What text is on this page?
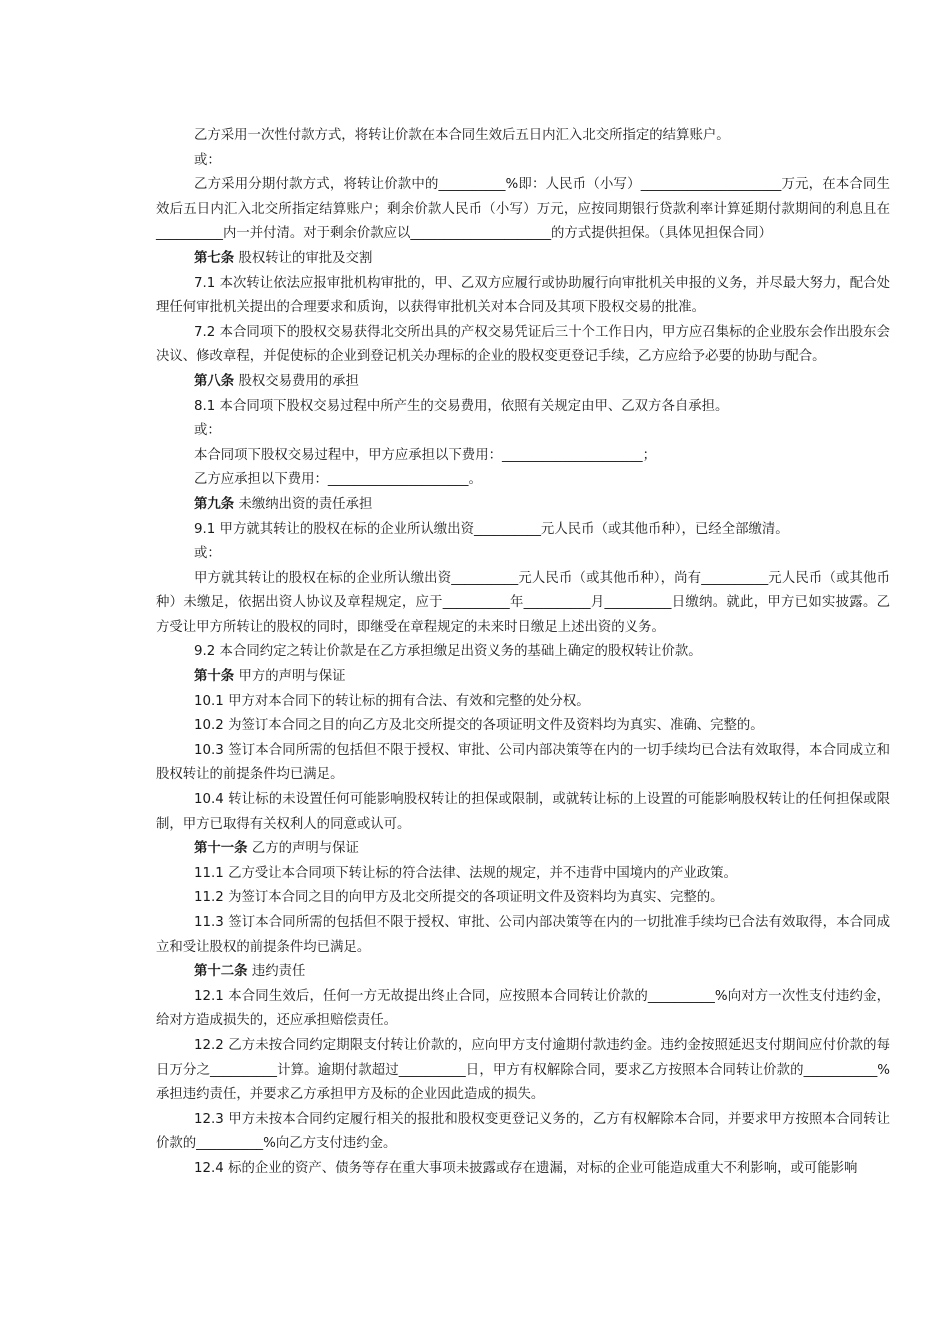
乙方采用一次性付款方式，将转让价款在本合同生效后五日内汇入北交所指定的结算账户。

或：

乙方采用分期付款方式，将转让价款中的__________%即：人民币（小写）_____________________万元，在本合同生效后五日内汇入北交所指定结算账户；剩余价款人民币（小写）万元，应按同期银行贷款利率计算延期付款期间的利息且在__________内一并付清。对于剩余价款应以_____________________的方式提供担保。（具体见担保合同）

第七条 股权转让的审批及交割

7.1 本次转让依法应报审批机构审批的，甲、乙双方应履行或协助履行向审批机关申报的义务，并尽最大努力，配合处理任何审批机关提出的合理要求和质询，以获得审批机关对本合同及其项下股权交易的批准。

7.2 本合同项下的股权交易获得北交所出具的产权交易凭证后三十个工作日内，甲方应召集标的企业股东会作出股东会决议、修改章程，并促使标的企业到登记机关办理标的企业的股权变更登记手续，乙方应给予必要的协助与配合。

第八条 股权交易费用的承担

8.1 本合同项下股权交易过程中所产生的交易费用，依照有关规定由甲、乙双方各自承担。

或：

本合同项下股权交易过程中，甲方应承担以下费用：_____________________；

乙方应承担以下费用：_____________________。

第九条 未缴纳出资的责任承担

9.1 甲方就其转让的股权在标的企业所认缴出资__________元人民币（或其他币种），已经全部缴清。

或：

甲方就其转让的股权在标的企业所认缴出资__________元人民币（或其他币种），尚有__________元人民币（或其他币种）未缴足，依据出资人协议及章程规定，应于__________年__________月__________日缴纳。就此，甲方已如实披露。乙方受让甲方所转让的股权的同时，即继受在章程规定的未来时日缴足上述出资的义务。

9.2 本合同约定之转让价款是在乙方承担缴足出资义务的基础上确定的股权转让价款。

第十条 甲方的声明与保证

10.1 甲方对本合同下的转让标的拥有合法、有效和完整的处分权。

10.2 为签订本合同之目的向乙方及北交所提交的各项证明文件及资料均为真实、准确、完整的。

10.3 签订本合同所需的包括但不限于授权、审批、公司内部决策等在内的一切手续均已合法有效取得，本合同成立和股权转让的前提条件均已满足。

10.4 转让标的未设置任何可能影响股权转让的担保或限制，或就转让标的上设置的可能影响股权转让的任何担保或限制，甲方已取得有关权利人的同意或认可。

第十一条 乙方的声明与保证

11.1 乙方受让本合同项下转让标的符合法律、法规的规定，并不违背中国境内的产业政策。

11.2 为签订本合同之目的向甲方及北交所提交的各项证明文件及资料均为真实、完整的。

11.3 签订本合同所需的包括但不限于授权、审批、公司内部决策等在内的一切批准手续均已合法有效取得，本合同成立和受让股权的前提条件均已满足。

第十二条 违约责任

12.1 本合同生效后，任何一方无故提出终止合同，应按照本合同转让价款的__________%向对方一次性支付违约金，给对方造成损失的，还应承担赔偿责任。

12.2 乙方未按合同约定期限支付转让价款的，应向甲方支付逾期付款违约金。违约金按照延迟支付期间应付价款的每日万分之__________计算。逾期付款超过__________日，甲方有权解除合同，要求乙方按照本合同转让价款的___________%承担违约责任，并要求乙方承担甲方及标的企业因此造成的损失。

12.3 甲方未按本合同约定履行相关的报批和股权变更登记义务的，乙方有权解除本合同，并要求甲方按照本合同转让价款的__________%向乙方支付违约金。

12.4 标的企业的资产、债务等存在重大事项未披露或存在遗漏，对标的企业可能造成重大不利影响，或可能影响
